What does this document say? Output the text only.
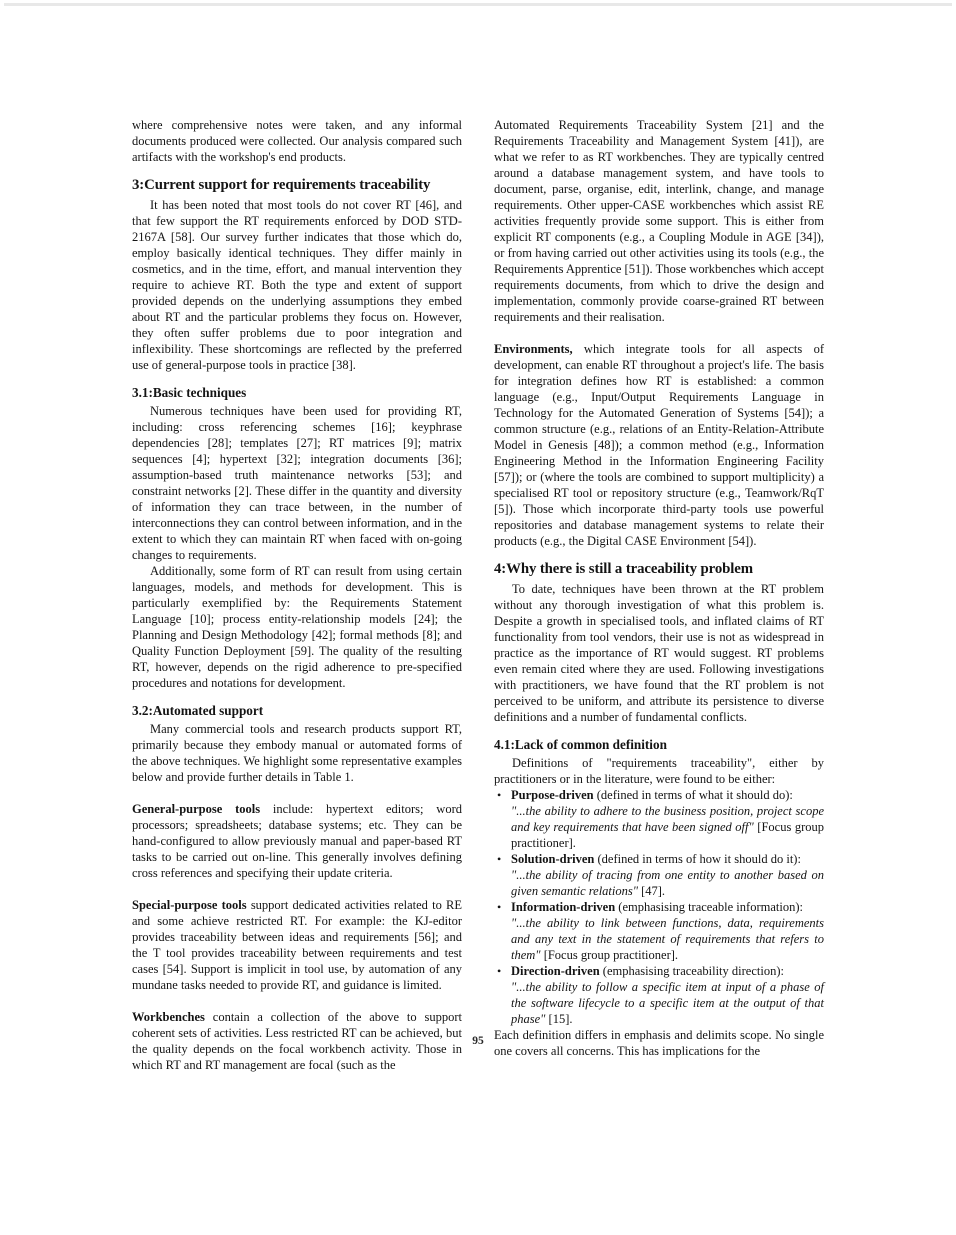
where comprehensive notes were taken, and any informal documents produced were collected. Our analysis compared such artifacts with the workshop's end products.

3:Current support for requirements traceability

It has been noted that most tools do not cover RT [46], and that few support the RT requirements enforced by DOD STD-2167A [58]. Our survey further indicates that those which do, employ basically identical techniques. They differ mainly in cosmetics, and in the time, effort, and manual intervention they require to achieve RT. Both the type and extent of support provided depends on the underlying assumptions they embed about RT and the particular problems they focus on. However, they often suffer problems due to poor integration and inflexibility. These shortcomings are reflected by the preferred use of general-purpose tools in practice [38].

3.1:Basic techniques

Numerous techniques have been used for providing RT, including: cross referencing schemes [16]; keyphrase dependencies [28]; templates [27]; RT matrices [9]; matrix sequences [4]; hypertext [32]; integration documents [36]; assumption-based truth maintenance networks [53]; and constraint networks [2]. These differ in the quantity and diversity of information they can trace between, in the number of interconnections they can control between information, and in the extent to which they can maintain RT when faced with on-going changes to requirements.

Additionally, some form of RT can result from using certain languages, models, and methods for development. This is particularly exemplified by: the Requirements Statement Language [10]; process entity-relationship models [24]; the Planning and Design Methodology [42]; formal methods [8]; and Quality Function Deployment [59]. The quality of the resulting RT, however, depends on the rigid adherence to pre-specified procedures and notations for development.

3.2:Automated support

Many commercial tools and research products support RT, primarily because they embody manual or automated forms of the above techniques. We highlight some representative examples below and provide further details in Table 1.

General-purpose tools include: hypertext editors; word processors; spreadsheets; database systems; etc. They can be hand-configured to allow previously manual and paper-based RT tasks to be carried out on-line. This generally involves defining cross references and specifying their update criteria.

Special-purpose tools support dedicated activities related to RE and some achieve restricted RT. For example: the KJ-editor provides traceability between ideas and requirements [56]; and the T tool provides traceability between requirements and test cases [54]. Support is implicit in tool use, by automation of any mundane tasks needed to provide RT, and guidance is limited.

Workbenches contain a collection of the above to support coherent sets of activities. Less restricted RT can be achieved, but the quality depends on the focal workbench activity. Those in which RT and RT management are focal (such as the

Automated Requirements Traceability System [21] and the Requirements Traceability and Management System [41]), are what we refer to as RT workbenches. They are typically centred around a database management system, and have tools to document, parse, organise, edit, interlink, change, and manage requirements. Other upper-CASE workbenches which assist RE activities frequently provide some support. This is either from explicit RT components (e.g., a Coupling Module in AGE [34]), or from having carried out other activities using its tools (e.g., the Requirements Apprentice [51]). Those workbenches which accept requirements documents, from which to drive the design and implementation, commonly provide coarse-grained RT between requirements and their realisation.

Environments, which integrate tools for all aspects of development, can enable RT throughout a project's life. The basis for integration defines how RT is established: a common language (e.g., Input/Output Requirements Language in Technology for the Automated Generation of Systems [54]); a common structure (e.g., relations of an Entity-Relation-Attribute Model in Genesis [48]); a common method (e.g., Information Engineering Method in the Information Engineering Facility [57]); or (where the tools are combined to support multiplicity) a specialised RT tool or repository structure (e.g., Teamwork/RqT [5]). Those which incorporate third-party tools use powerful repositories and database management systems to relate their products (e.g., the Digital CASE Environment [54]).

4:Why there is still a traceability problem

To date, techniques have been thrown at the RT problem without any thorough investigation of what this problem is. Despite a growth in specialised tools, and inflated claims of RT functionality from tool vendors, their use is not as widespread in practice as the importance of RT would suggest. RT problems even remain cited where they are used. Following investigations with practitioners, we have found that the RT problem is not perceived to be uniform, and attribute its persistence to diverse definitions and a number of fundamental conflicts.

4.1:Lack of common definition

Definitions of "requirements traceability", either by practitioners or in the literature, were found to be either:

• Purpose-driven (defined in terms of what it should do):
"...the ability to adhere to the business position, project scope and key requirements that have been signed off" [Focus group practitioner].
• Solution-driven (defined in terms of how it should do it):
"...the ability of tracing from one entity to another based on given semantic relations" [47].
• Information-driven (emphasising traceable information):
"...the ability to link between functions, data, requirements and any text in the statement of requirements that refers to them" [Focus group practitioner].
• Direction-driven (emphasising traceability direction):
"...the ability to follow a specific item at input of a phase of the software lifecycle to a specific item at the output of that phase" [15].

Each definition differs in emphasis and delimits scope. No single one covers all concerns. This has implications for the

95
